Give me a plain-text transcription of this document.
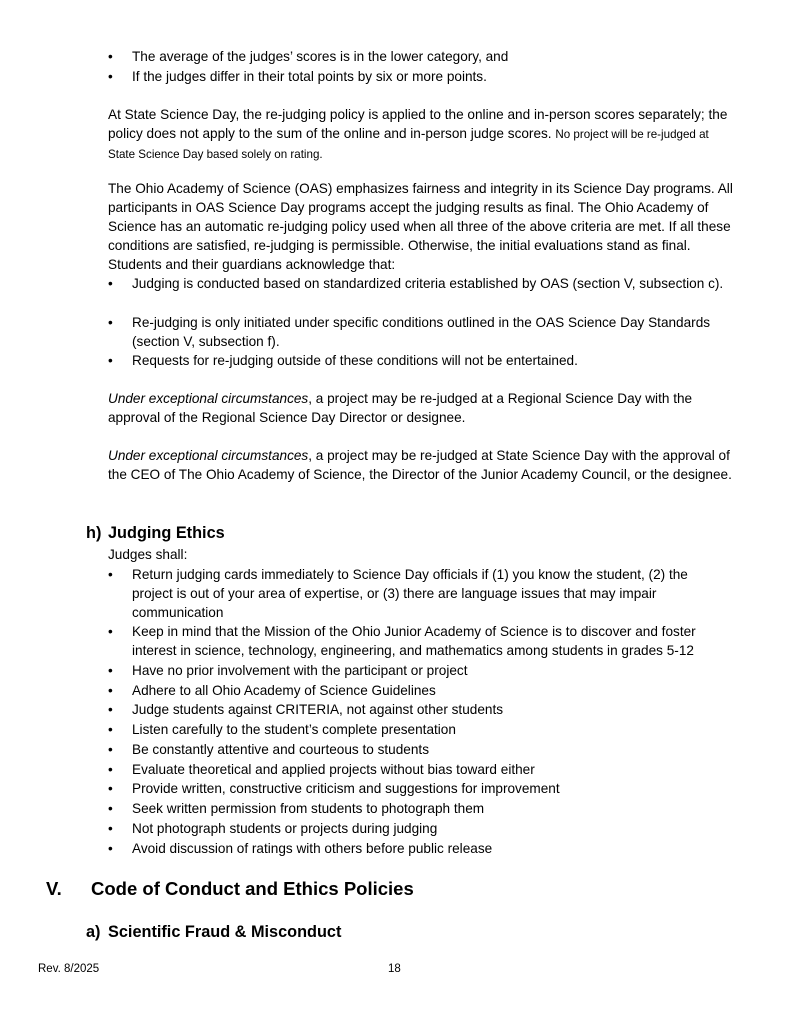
• The average of the judges’ scores is in the lower category, and
• If the judges differ in their total points by six or more points.

At State Science Day, the re-judging policy is applied to the online and in-person scores separately; the policy does not apply to the sum of the online and in-person judge scores. No project will be re-judged at State Science Day based solely on rating.

The Ohio Academy of Science (OAS) emphasizes fairness and integrity in its Science Day programs. All participants in OAS Science Day programs accept the judging results as final. The Ohio Academy of Science has an automatic re-judging policy used when all three of the above criteria are met. If all these conditions are satisfied, re-judging is permissible. Otherwise, the initial evaluations stand as final. Students and their guardians acknowledge that:

• Judging is conducted based on standardized criteria established by OAS (section V, subsection c).
• Re-judging is only initiated under specific conditions outlined in the OAS Science Day Standards (section V, subsection f).
• Requests for re-judging outside of these conditions will not be entertained.

Under exceptional circumstances, a project may be re-judged at a Regional Science Day with the approval of the Regional Science Day Director or designee.

Under exceptional circumstances, a project may be re-judged at State Science Day with the approval of the CEO of The Ohio Academy of Science, the Director of the Junior Academy Council, or the designee.

h) Judging Ethics
Judges shall:
• Return judging cards immediately to Science Day officials if (1) you know the student, (2) the project is out of your area of expertise, or (3) there are language issues that may impair communication
• Keep in mind that the Mission of the Ohio Junior Academy of Science is to discover and foster interest in science, technology, engineering, and mathematics among students in grades 5-12
• Have no prior involvement with the participant or project
• Adhere to all Ohio Academy of Science Guidelines
• Judge students against CRITERIA, not against other students
• Listen carefully to the student’s complete presentation
• Be constantly attentive and courteous to students
• Evaluate theoretical and applied projects without bias toward either
• Provide written, constructive criticism and suggestions for improvement
• Seek written permission from students to photograph them
• Not photograph students or projects during judging
• Avoid discussion of ratings with others before public release
V. Code of Conduct and Ethics Policies
a) Scientific Fraud & Misconduct
Rev. 8/2025	18
